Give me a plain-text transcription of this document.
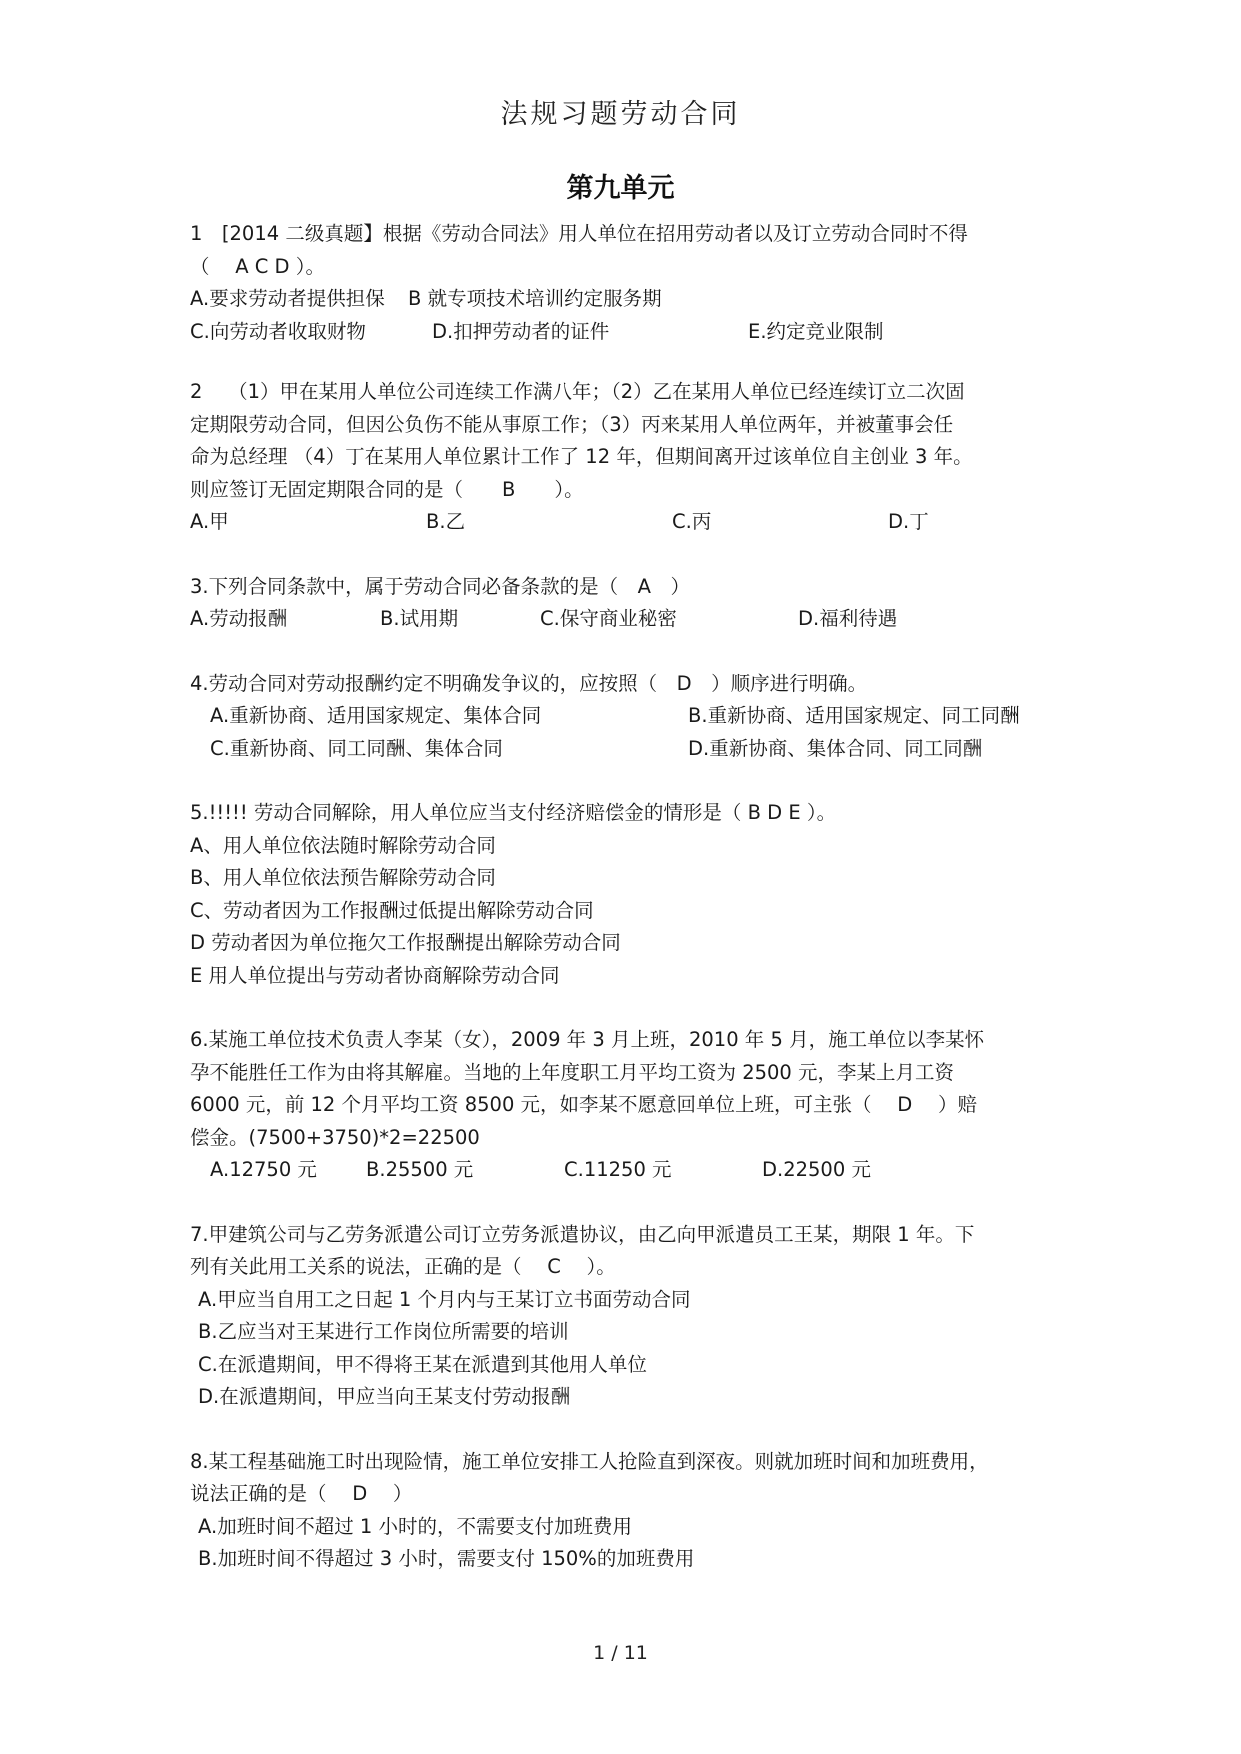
法规习题劳动合同
第九单元

1　[2014 二级真题】根据《劳动合同法》用人单位在招用劳动者以及订立劳动合同时不得

（　 A C D ）。

A.要求劳动者提供担保	B 就专项技术培训约定服务期
C.向劳动者收取财物	D.扣押劳动者的证件	E.约定竞业限制

2　 （1）甲在某用人单位公司连续工作满八年；（2）乙在某用人单位已经连续订立二次固

定期限劳动合同，但因公负伤不能从事原工作；（3）丙来某用人单位两年，并被董事会任

命为总经理 （4）丁在某用人单位累计工作了 12 年，但期间离开过该单位自主创业 3 年。

则应签订无固定期限合同的是（　　B　　）。

A.甲	B.乙	C.丙	D.丁

3.下列合同条款中，属于劳动合同必备条款的是（　A　）

A.劳动报酬	B.试用期	C.保守商业秘密	D.福利待遇

4.劳动合同对劳动报酬约定不明确发争议的，应按照（　D　）顺序进行明确。

A.重新协商、适用国家规定、集体合同	B.重新协商、适用国家规定、同工同酬
C.重新协商、同工同酬、集体合同	D.重新协商、集体合同、同工同酬

5.!!!!! 劳动合同解除，用人单位应当支付经济赔偿金的情形是（ B D E ）。

A、用人单位依法随时解除劳动合同

B、用人单位依法预告解除劳动合同

C、劳动者因为工作报酬过低提出解除劳动合同

D 劳动者因为单位拖欠工作报酬提出解除劳动合同

E 用人单位提出与劳动者协商解除劳动合同

6.某施工单位技术负责人李某（女），2009 年 3 月上班，2010 年 5 月，施工单位以李某怀

孕不能胜任工作为由将其解雇。当地的上年度职工月平均工资为 2500 元，李某上月工资

6000 元，前 12 个月平均工资 8500 元，如李某不愿意回单位上班，可主张（　 D　 ）赔

偿金。(7500+3750)*2=22500

A.12750 元	B.25500 元	C.11250 元	D.22500 元

7.甲建筑公司与乙劳务派遣公司订立劳务派遣协议，由乙向甲派遣员工王某，期限 1 年。下

列有关此用工关系的说法，正确的是（　 C　 ）。

A.甲应当自用工之日起 1 个月内与王某订立书面劳动合同

B.乙应当对王某进行工作岗位所需要的培训

C.在派遣期间，甲不得将王某在派遣到其他用人单位

D.在派遣期间，甲应当向王某支付劳动报酬

8.某工程基础施工时出现险情，施工单位安排工人抢险直到深夜。则就加班时间和加班费用，

说法正确的是（　 D　 ）

A.加班时间不超过 1 小时的，不需要支付加班费用

B.加班时间不得超过 3 小时，需要支付 150%的加班费用

1 / 11
